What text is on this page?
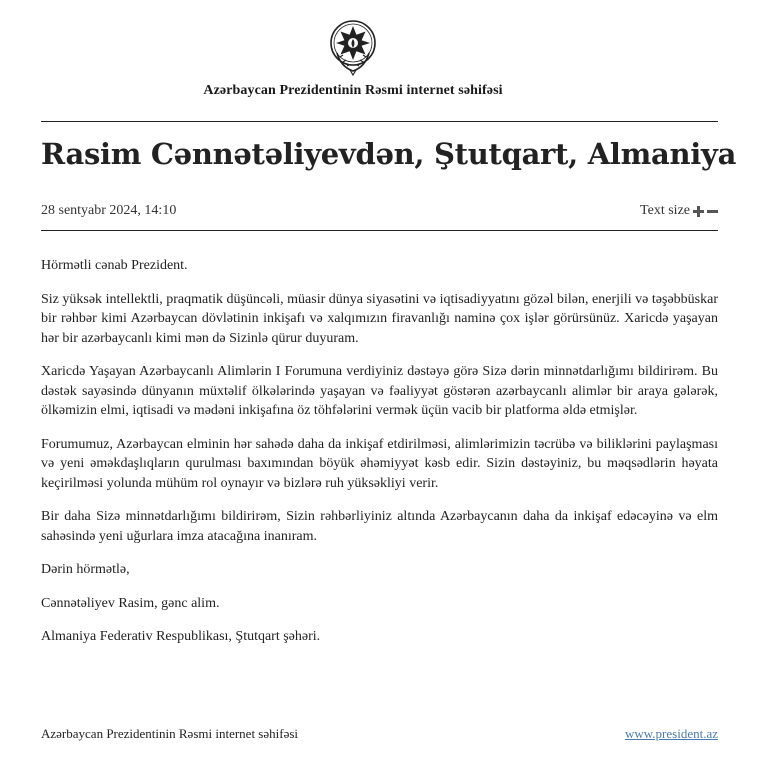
Azərbaycan Prezidentinin Rəsmi internet səhifəsi
Rasim Cənnətəliyevdən, Ştutqart, Almaniya
28 sentyabr 2024, 14:10	Text size

Hörmətli cənab Prezident.

Siz yüksək intellektli, praqmatik düşüncəli, müasir dünya siyasətini və iqtisadiyyatını gözəl bilən, enerjili və təşəbbüskar bir rəhbər kimi Azərbaycan dövlətinin inkişafı və xalqımızın firavanlığı naminə çox işlər görürsünüz. Xaricdə yaşayan hər bir azərbaycanlı kimi mən də Sizinlə qürur duyuram.

Xaricdə Yaşayan Azərbaycanlı Alimlərin I Forumuna verdiyiniz dəstəyə görə Sizə dərin minnətdarlığımı bildirirəm. Bu dəstək sayəsində dünyanın müxtəlif ölkələrində yaşayan və fəaliyyət göstərən azərbaycanlı alimlər bir araya gələrək, ölkəmizin elmi, iqtisadi və mədəni inkişafına öz töhfələrini vermək üçün vacib bir platforma əldə etmişlər.

Forumumuz, Azərbaycan elminin hər sahədə daha da inkişaf etdirilməsi, alimlərimizin təcrübə və biliklərini paylaşması və yeni əməkdaşlıqların qurulması baxımından böyük əhəmiyyət kəsb edir. Sizin dəstəyiniz, bu məqsədlərin həyata keçirilməsi yolunda mühüm rol oynayır və bizlərə ruh yüksəkliyi verir.

Bir daha Sizə minnətdarlığımı bildirirəm, Sizin rəhbərliyiniz altında Azərbaycanın daha da inkişaf edəcəyinə və elm sahəsində yeni uğurlara imza atacağına inanıram.

Dərin hörmətlə,

Cənnətəliyev Rasim, gənc alim.

Almaniya Federativ Respublikası, Ştutqart şəhəri.

Azərbaycan Prezidentinin Rəsmi internet səhifəsi	www.president.az
